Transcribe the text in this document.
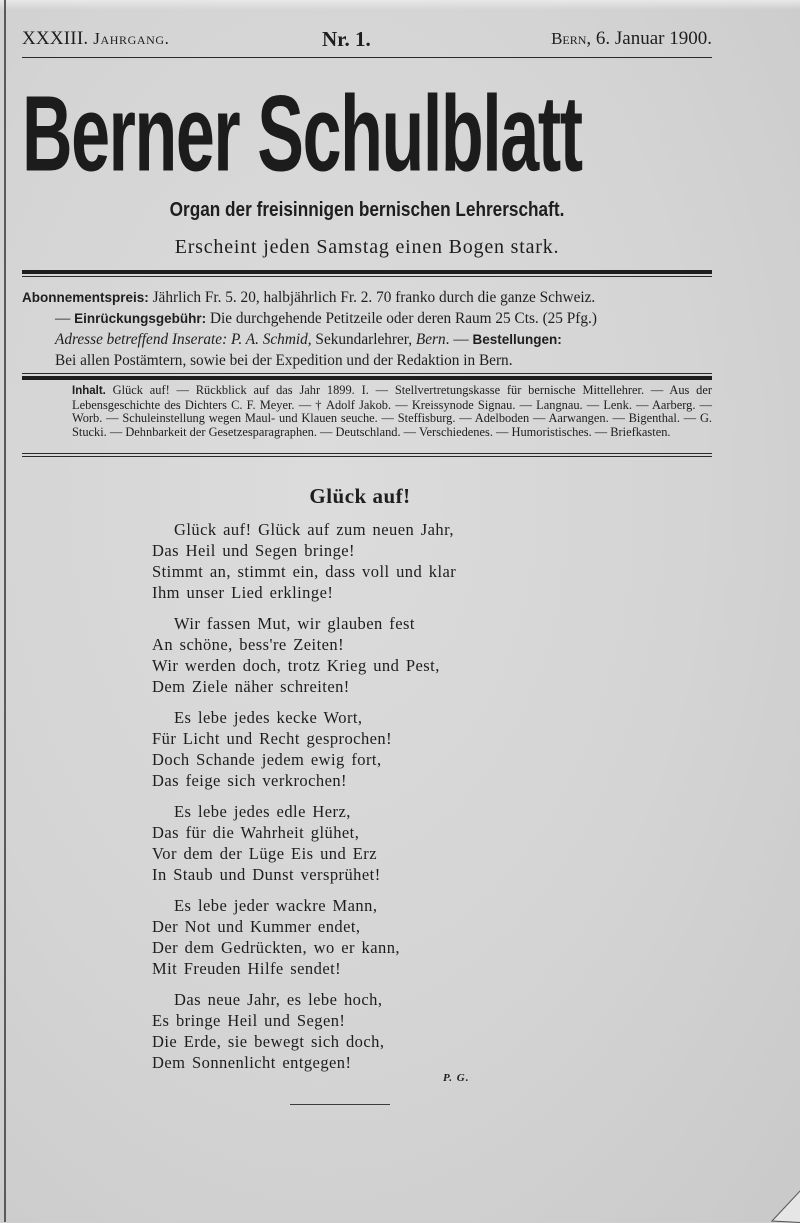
XXXIII. Jahrgang.	Nr. 1.	Bern, 6. Januar 1900.
Berner Schulblatt
Organ der freisinnigen bernischen Lehrerschaft.
Erscheint jeden Samstag einen Bogen stark.
Abonnementspreis: Jährlich Fr. 5. 20, halbjährlich Fr. 2. 70 franko durch die ganze Schweiz.
— Einrückungsgebühr: Die durchgehende Petitzeile oder deren Raum 25 Cts. (25 Pfg.)
Adresse betreffend Inserate: P. A. Schmid, Sekundarlehrer, Bern. — Bestellungen:
Bei allen Postämtern, sowie bei der Expedition und der Redaktion in Bern.
Inhalt. Glück auf! — Rückblick auf das Jahr 1899. I. — Stellvertretungskasse für bernische Mittellehrer. — Aus der Lebensgeschichte des Dichters C. F. Meyer. — † Adolf Jakob. — Kreissynode Signau. — Langnau. — Lenk. — Aarberg. — Worb. — Schuleinstellung wegen Maul- und Klauen seuche. — Steffisburg. — Adelboden — Aarwangen. — Bigenthal. — G. Stucki. — Dehnbarkeit der Gesetzesparagraphen. — Deutschland. — Verschiedenes. — Humoristisches. — Briefkasten.
Glück auf!
Glück auf! Glück auf zum neuen Jahr,
Das Heil und Segen bringe!
Stimmt an, stimmt ein, dass voll und klar
Ihm unser Lied erklinge!
Wir fassen Mut, wir glauben fest
An schöne, bess're Zeiten!
Wir werden doch, trotz Krieg und Pest,
Dem Ziele näher schreiten!
Es lebe jedes kecke Wort,
Für Licht und Recht gesprochen!
Doch Schande jedem ewig fort,
Das feige sich verkrochen!
Es lebe jedes edle Herz,
Das für die Wahrheit glühet,
Vor dem der Lüge Eis und Erz
In Staub und Dunst versprühet!
Es lebe jeder wackre Mann,
Der Not und Kummer endet,
Der dem Gedrückten, wo er kann,
Mit Freuden Hilfe sendet!
Das neue Jahr, es lebe hoch,
Es bringe Heil und Segen!
Die Erde, sie bewegt sich doch,
Dem Sonnenlicht entgegen!
P. G.
